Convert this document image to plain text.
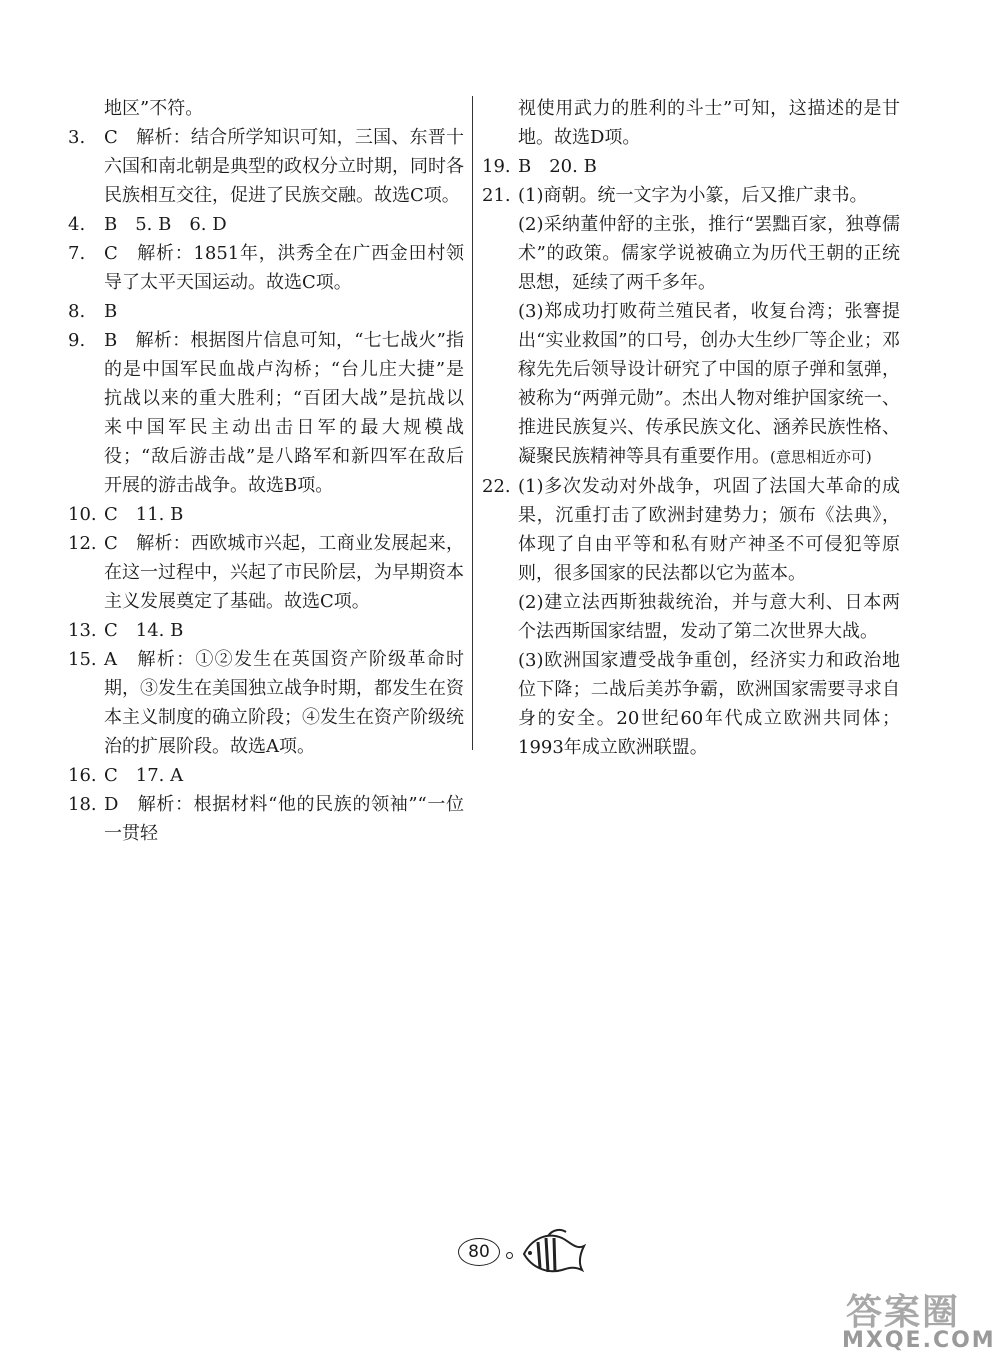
地区”不符。
3. C　解析：结合所学知识可知，三国、东晋十六国和南北朝是典型的政权分立时期，同时各民族相互交往，促进了民族交融。故选C项。
4. B　5. B　6. D
7. C　解析：1851年，洪秀全在广西金田村领导了太平天国运动。故选C项。
8. B
9. B　解析：根据图片信息可知，“七七战火”指的是中国军民血战卢沟桥；“台儿庄大捷”是抗战以来的重大胜利；“百团大战”是抗战以来中国军民主动出击日军的最大规模战役；“敌后游击战”是八路军和新四军在敌后开展的游击战争。故选B项。
10. C　11. B
12. C　解析：西欧城市兴起，工商业发展起来，在这一过程中，兴起了市民阶层，为早期资本主义发展奠定了基础。故选C项。
13. C　14. B
15. A　解析：①②发生在英国资产阶级革命时期，③发生在美国独立战争时期，都发生在资本主义制度的确立阶段；④发生在资产阶级统治的扩展阶段。故选A项。
16. C　17. A
18. D　解析：根据材料“他的民族的领袖”“一位一贯轻
视使用武力的胜利的斗士”可知，这描述的是甘地。故选D项。
19. B　20. B
21. (1)商朝。统一文字为小篆，后又推广隶书。
(2)采纳董仲舒的主张，推行“罢黜百家，独尊儒术”的政策。儒家学说被确立为历代王朝的正统思想，延续了两千多年。
(3)郑成功打败荷兰殖民者，收复台湾；张謇提出“实业救国”的口号，创办大生纱厂等企业；邓稼先先后领导设计研究了中国的原子弹和氢弹，被称为“两弹元勋”。杰出人物对维护国家统一、推进民族复兴、传承民族文化、涵养民族性格、凝聚民族精神等具有重要作用。(意思相近亦可)
22. (1)多次发动对外战争，巩固了法国大革命的成果，沉重打击了欧洲封建势力；颁布《法典》，体现了自由平等和私有财产神圣不可侵犯等原则，很多国家的民法都以它为蓝本。
(2)建立法西斯独裁统治，并与意大利、日本两个法西斯国家结盟，发动了第二次世界大战。
(3)欧洲国家遭受战争重创，经济实力和政治地位下降；二战后美苏争霸，欧洲国家需要寻求自身的安全。20世纪60年代成立欧洲共同体；1993年成立欧洲联盟。
80
答案圈
MXQE.COM
